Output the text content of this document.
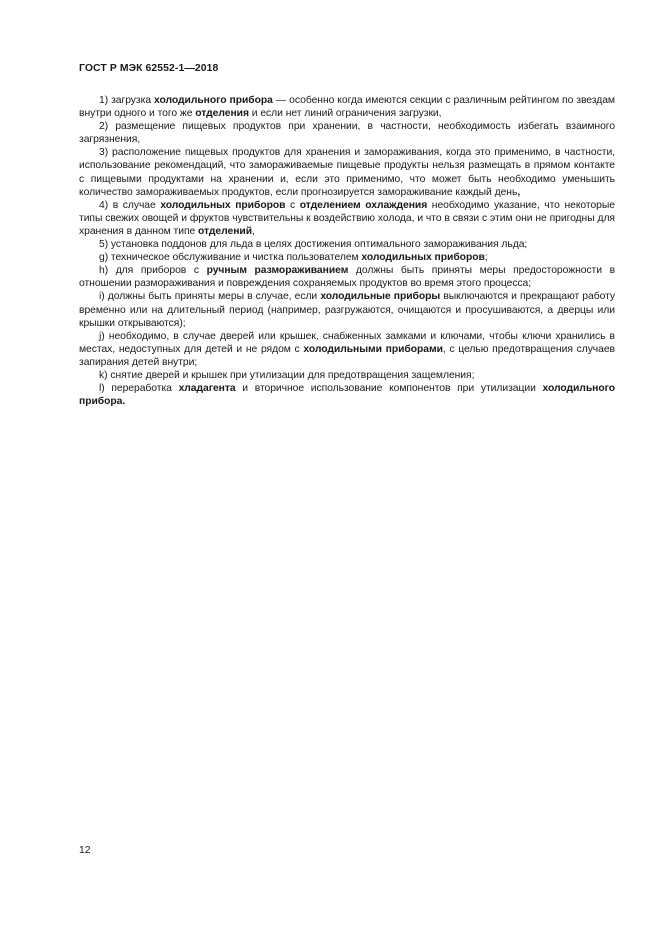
ГОСТ Р МЭК 62552-1—2018

1) загрузка холодильного прибора — особенно когда имеются секции с различным рейтингом по звездам внутри одного и того же отделения и если нет линий ограничения загрузки,

2) размещение пищевых продуктов при хранении, в частности, необходимость избегать взаимного загрязнения,

3) расположение пищевых продуктов для хранения и замораживания, когда это применимо, в частности, использование рекомендаций, что замораживаемые пищевые продукты нельзя размещать в прямом контакте с пищевыми продуктами на хранении и, если это применимо, что может быть необходимо уменьшить количество замораживаемых продуктов, если прогнозируется замораживание каждый день,

4) в случае холодильных приборов с отделением охлаждения необходимо указание, что некоторые типы свежих овощей и фруктов чувствительны к воздействию холода, и что в связи с этим они не пригодны для хранения в данном типе отделений,

5) установка поддонов для льда в целях достижения оптимального замораживания льда;

g) техническое обслуживание и чистка пользователем холодильных приборов;

h) для приборов с ручным размораживанием должны быть приняты меры предосторожности в отношении размораживания и повреждения сохраняемых продуктов во время этого процесса;

i) должны быть приняты меры в случае, если холодильные приборы выключаются и прекращают работу временно или на длительный период (например, разгружаются, очищаются и просушиваются, а дверцы или крышки открываются);

j) необходимо, в случае дверей или крышек, снабженных замками и ключами, чтобы ключи хранились в местах, недоступных для детей и не рядом с холодильными приборами, с целью предотвращения случаев запирания детей внутри;

k) снятие дверей и крышек при утилизации для предотвращения защемления;

l) переработка хладагента и вторичное использование компонентов при утилизации холодильного прибора.

12
